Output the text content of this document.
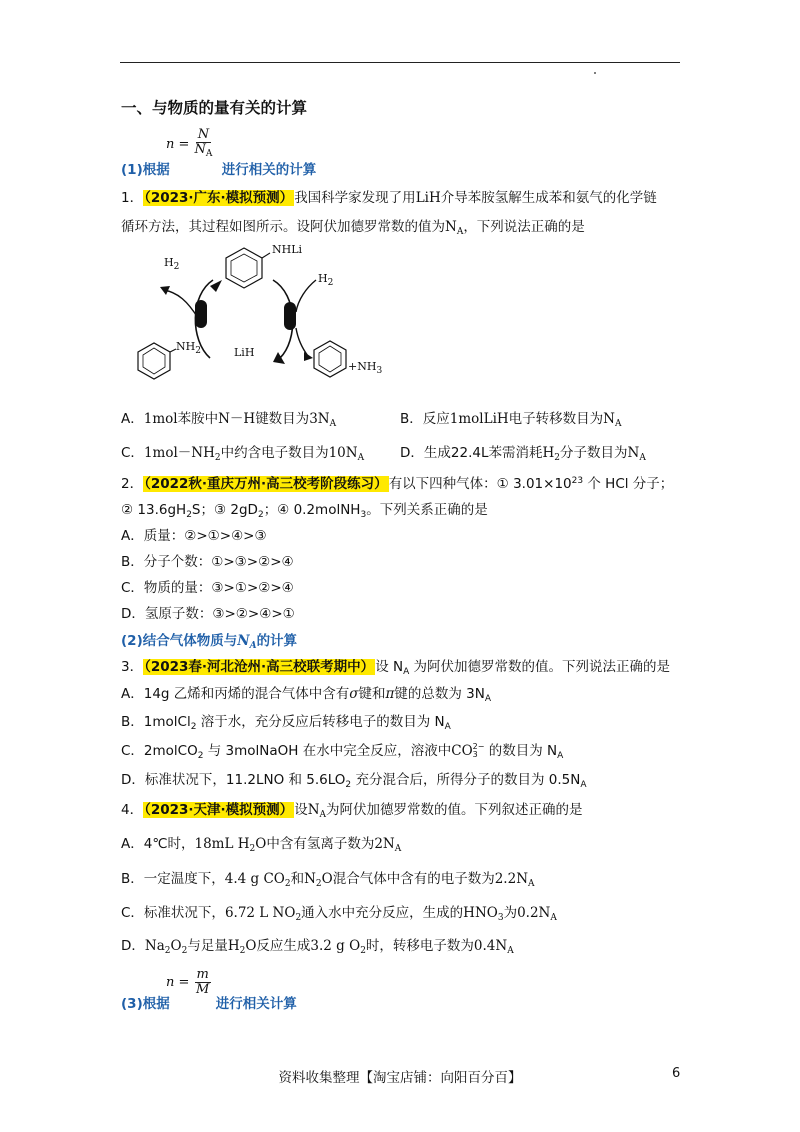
一、与物质的量有关的计算
$n = \frac{N}{N_A}$
(1)根据	进行相关的计算
1．（2023·广东·模拟预测）我国科学家发现了用LiH介导苯胺氢解生成苯和氨气的化学链
循环方法，其过程如图所示。设阿伏加德罗常数的值为$N_A$，下列说法正确的是
$H_2$
NHLi
$H_2$
$NH_2$	LiH
$+NH_3$
A．1mol苯胺中N－H键数目为$3N_A$	B．反应1molLiH电子转移数目为$N_A$
C．$1mol-NH_2$中约含电子数目为$10N_A$	D．生成22.4L苯需消耗$H_2$分子数目为$N_A$
2．（2022秋·重庆万州·高三校考阶段练习）有以下四种气体：① $3.01\times 10^{23}$ 个 HCl 分子；
② $13.6gH_2S$；③ $2gD_2$；④ 0.2molNH$_3$。下列关系正确的是
A．质量：②>①>④>③
B．分子个数：①>③>②>④
C．物质的量：③>①>②>④
D．氢原子数：③>②>④>①
(2)结合气体物质与$N_A$的计算
3．（2023春·河北沧州·高三校联考期中）设 $N_A$ 为阿伏加德罗常数的值。下列说法正确的是
A．14g 乙烯和丙烯的混合气体中含有σ键和π键的总数为 $3N_A$
B．1molCl$_2$ 溶于水，充分反应后转移电子的数目为 $N_A$
C．2molCO$_2$ 与 3molNaOH 在水中完全反应，溶液中CO 2−
3 的数目为 $N_A$
D．标准状况下，11.2LNO 和 $5.6LO_2$ 充分混合后，所得分子的数目为 $0.5N_A$
4．（2023·天津·模拟预测）设$N_A$为阿伏加德罗常数的值。下列叙述正确的是
A．4℃时，18mL $H_2O$中含有氢离子数为$2N_A$
B．一定温度下，4.4 g $CO_2$和$N_2O$混合气体中含有的电子数为$2.2N_A$
C．标准状况下，6.72 L $NO_2$通入水中充分反应，生成的$HNO_3$为$0.2N_A$
D．$Na_2O_2$与足量$H_2O$反应生成3.2 g $O_2$时，转移电子数为$0.4N_A$
$n = \frac{m}{M}$
(3)根据	进行相关计算
资料收集整理【淘宝店铺：向阳百分百】	6
